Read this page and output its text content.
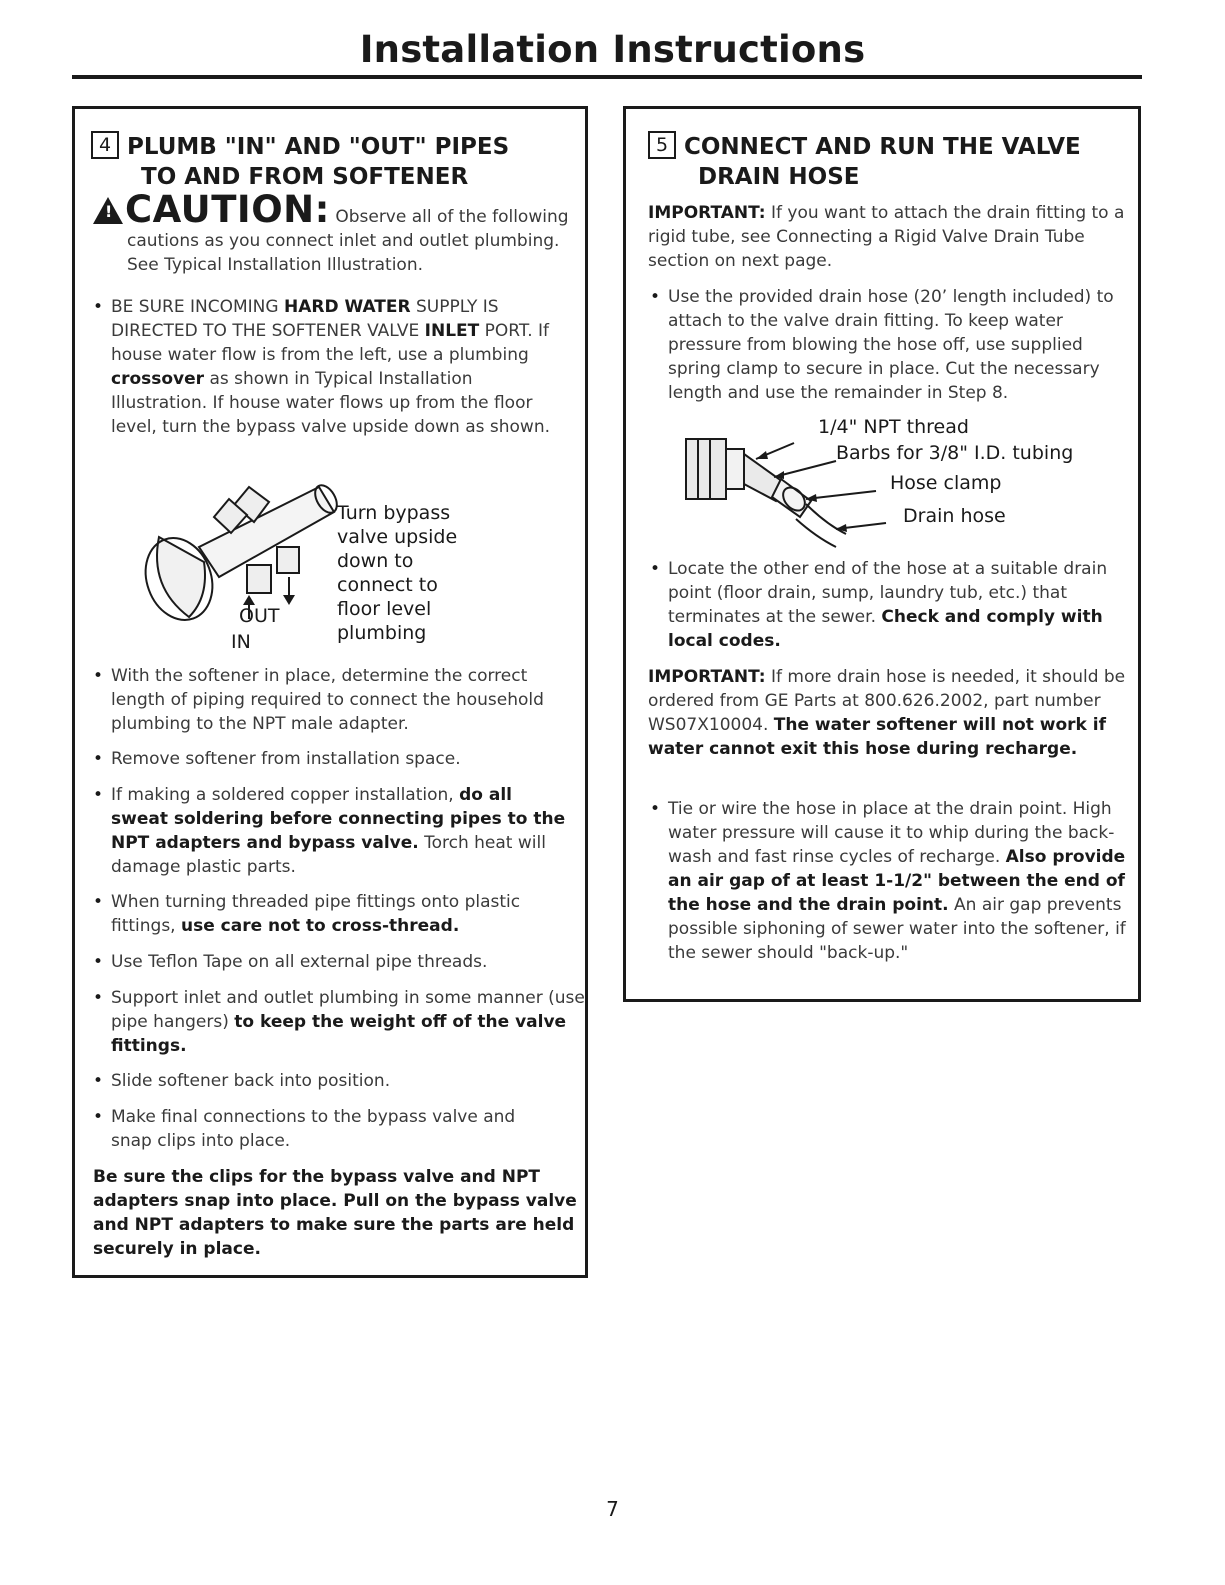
Installation Instructions
4 PLUMB "IN" AND "OUT" PIPES
TO AND FROM SOFTENER
!CAUTION: Observe all of the following
cautions as you connect inlet and outlet plumbing. See Typical Installation Illustration.
• BE SURE INCOMING HARD WATER SUPPLY IS DIRECTED TO THE SOFTENER VALVE INLET PORT. If house water flow is from the left, use a plumbing crossover as shown in Typical Installation Illustration. If house water flows up from the floor level, turn the bypass valve upside down as shown.
OUT
IN
Turn bypass
valve upside
down to
connect to
floor level
plumbing
• With the softener in place, determine the correct length of piping required to connect the household plumbing to the NPT male adapter.
• Remove softener from installation space.
• If making a soldered copper installation, do all sweat soldering before connecting pipes to the NPT adapters and bypass valve. Torch heat will damage plastic parts.
• When turning threaded pipe fittings onto plastic fittings, use care not to cross-thread.
• Use Teflon Tape on all external pipe threads.
• Support inlet and outlet plumbing in some manner (use pipe hangers) to keep the weight off of the valve fittings.
• Slide softener back into position.
• Make final connections to the bypass valve and snap clips into place.
Be sure the clips for the bypass valve and NPT adapters snap into place. Pull on the bypass valve and NPT adapters to make sure the parts are held securely in place.
5 CONNECT AND RUN THE VALVE
DRAIN HOSE
IMPORTANT: If you want to attach the drain fitting to a rigid tube, see Connecting a Rigid Valve Drain Tube section on next page.
• Use the provided drain hose (20’ length included) to attach to the valve drain fitting. To keep water pressure from blowing the hose off, use supplied spring clamp to secure in place. Cut the necessary length and use the remainder in Step 8.
1/4" NPT thread
Barbs for 3/8" I.D. tubing
Hose clamp
Drain hose
• Locate the other end of the hose at a suitable drain point (floor drain, sump, laundry tub, etc.) that terminates at the sewer. Check and comply with local codes.
IMPORTANT: If more drain hose is needed, it should be ordered from GE Parts at 800.626.2002, part number WS07X10004. The water softener will not work if water cannot exit this hose during recharge.
• Tie or wire the hose in place at the drain point. High water pressure will cause it to whip during the back-wash and fast rinse cycles of recharge. Also provide an air gap of at least 1-1/2" between the end of the hose and the drain point. An air gap prevents possible siphoning of sewer water into the softener, if the sewer should "back-up."
7
